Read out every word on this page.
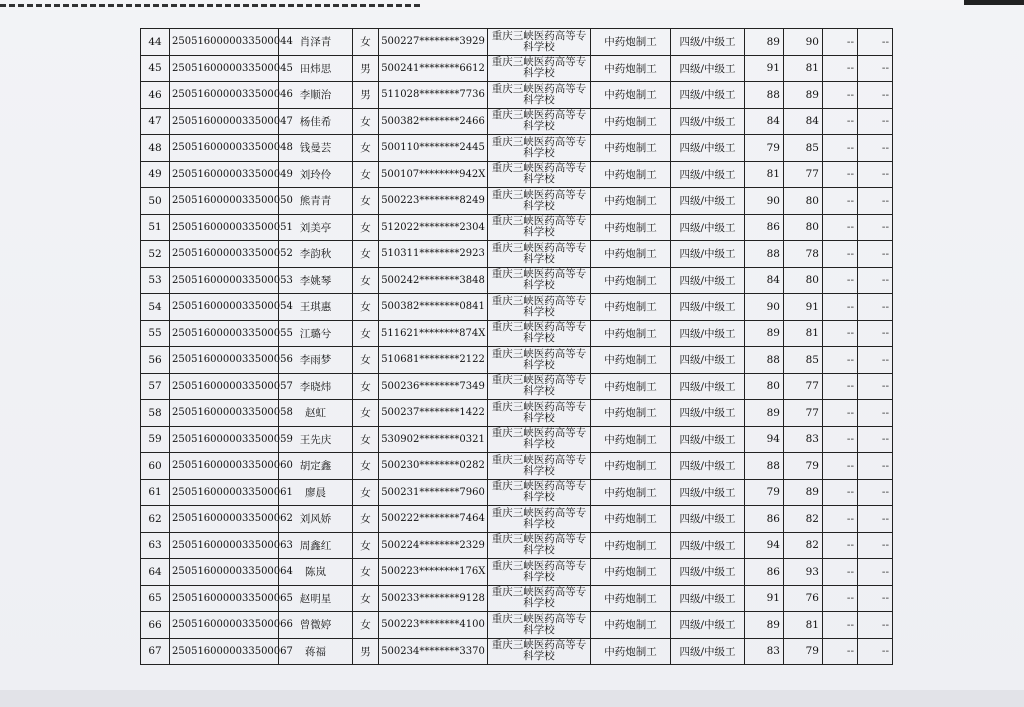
44	2505160000033500044	肖泽青	女	500227********3929	重庆三峡医药高等专科学校	中药炮制工	四级/中级工	89	90	--	--
45	2505160000033500045	田炜思	男	500241********6612	重庆三峡医药高等专科学校	中药炮制工	四级/中级工	91	81	--	--
46	2505160000033500046	李顺治	男	511028********7736	重庆三峡医药高等专科学校	中药炮制工	四级/中级工	88	89	--	--
47	2505160000033500047	杨佳希	女	500382********2466	重庆三峡医药高等专科学校	中药炮制工	四级/中级工	84	84	--	--
48	2505160000033500048	钱曼芸	女	500110********2445	重庆三峡医药高等专科学校	中药炮制工	四级/中级工	79	85	--	--
49	2505160000033500049	刘玲伶	女	500107********942X	重庆三峡医药高等专科学校	中药炮制工	四级/中级工	81	77	--	--
50	2505160000033500050	熊青青	女	500223********8249	重庆三峡医药高等专科学校	中药炮制工	四级/中级工	90	80	--	--
51	2505160000033500051	刘美亭	女	512022********2304	重庆三峡医药高等专科学校	中药炮制工	四级/中级工	86	80	--	--
52	2505160000033500052	李韵秋	女	510311********2923	重庆三峡医药高等专科学校	中药炮制工	四级/中级工	88	78	--	--
53	2505160000033500053	李姚琴	女	500242********3848	重庆三峡医药高等专科学校	中药炮制工	四级/中级工	84	80	--	--
54	2505160000033500054	王琪惠	女	500382********0841	重庆三峡医药高等专科学校	中药炮制工	四级/中级工	90	91	--	--
55	2505160000033500055	江璐兮	女	511621********874X	重庆三峡医药高等专科学校	中药炮制工	四级/中级工	89	81	--	--
56	2505160000033500056	李雨梦	女	510681********2122	重庆三峡医药高等专科学校	中药炮制工	四级/中级工	88	85	--	--
57	2505160000033500057	李晓炜	女	500236********7349	重庆三峡医药高等专科学校	中药炮制工	四级/中级工	80	77	--	--
58	2505160000033500058	赵虹	女	500237********1422	重庆三峡医药高等专科学校	中药炮制工	四级/中级工	89	77	--	--
59	2505160000033500059	王先庆	女	530902********0321	重庆三峡医药高等专科学校	中药炮制工	四级/中级工	94	83	--	--
60	2505160000033500060	胡定鑫	女	500230********0282	重庆三峡医药高等专科学校	中药炮制工	四级/中级工	88	79	--	--
61	2505160000033500061	廖晨	女	500231********7960	重庆三峡医药高等专科学校	中药炮制工	四级/中级工	79	89	--	--
62	2505160000033500062	刘风娇	女	500222********7464	重庆三峡医药高等专科学校	中药炮制工	四级/中级工	86	82	--	--
63	2505160000033500063	周鑫红	女	500224********2329	重庆三峡医药高等专科学校	中药炮制工	四级/中级工	94	82	--	--
64	2505160000033500064	陈岚	女	500223********176X	重庆三峡医药高等专科学校	中药炮制工	四级/中级工	86	93	--	--
65	2505160000033500065	赵明星	女	500233********9128	重庆三峡医药高等专科学校	中药炮制工	四级/中级工	91	76	--	--
66	2505160000033500066	曾微婷	女	500223********4100	重庆三峡医药高等专科学校	中药炮制工	四级/中级工	89	81	--	--
67	2505160000033500067	蒋福	男	500234********3370	重庆三峡医药高等专科学校	中药炮制工	四级/中级工	83	79	--	--
